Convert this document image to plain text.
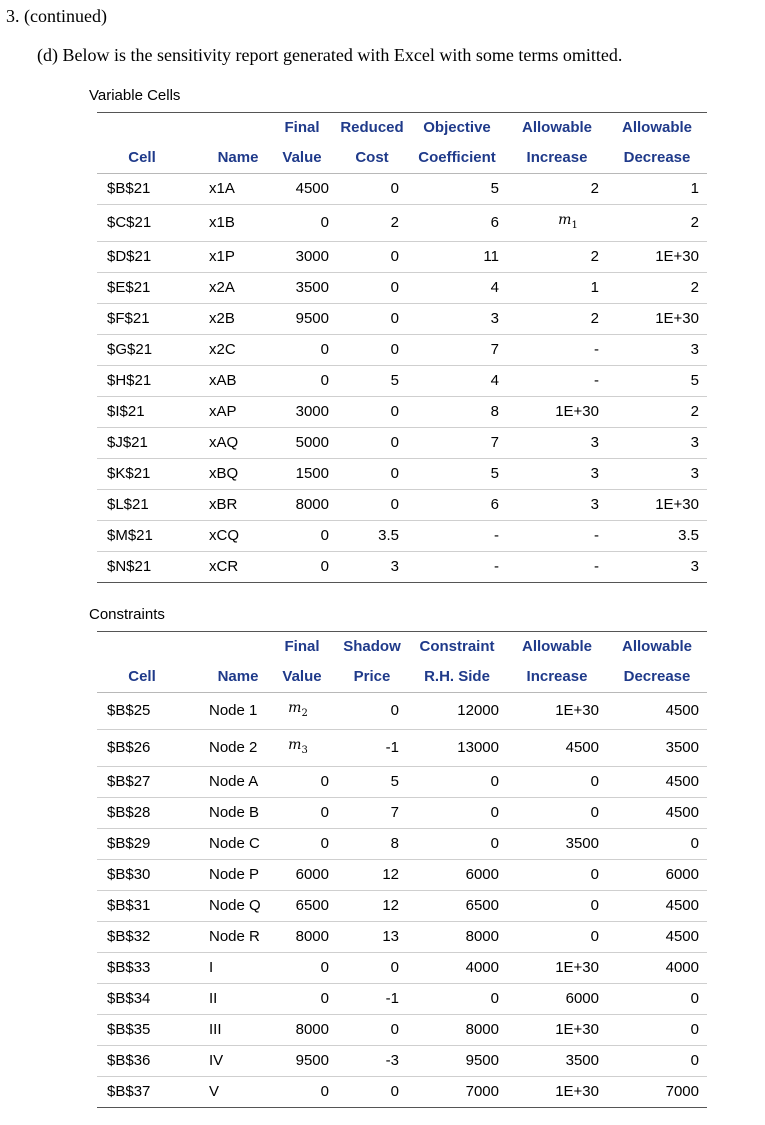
3. (continued)
(d) Below is the sensitivity report generated with Excel with some terms omitted.
Variable Cells
		Final	Reduced	Objective	Allowable	Allowable
Cell	Name	Value	Cost	Coefficient	Increase	Decrease
$B$21	x1A	4500	0	5	2	1
$C$21	x1B	0	2	6	$m_1$	2
$D$21	x1P	3000	0	11	2	1E+30
$E$21	x2A	3500	0	4	1	2
$F$21	x2B	9500	0	3	2	1E+30
$G$21	x2C	0	0	7	-	3
$H$21	xAB	0	5	4	-	5
$I$21	xAP	3000	0	8	1E+30	2
$J$21	xAQ	5000	0	7	3	3
$K$21	xBQ	1500	0	5	3	3
$L$21	xBR	8000	0	6	3	1E+30
$M$21	xCQ	0	3.5	-	-	3.5
$N$21	xCR	0	3	-	-	3
Constraints
		Final	Shadow	Constraint	Allowable	Allowable
Cell	Name	Value	Price	R.H. Side	Increase	Decrease
$B$25	Node 1	$m_2$	0	12000	1E+30	4500
$B$26	Node 2	$m_3$	-1	13000	4500	3500
$B$27	Node A	0	5	0	0	4500
$B$28	Node B	0	7	0	0	4500
$B$29	Node C	0	8	0	3500	0
$B$30	Node P	6000	12	6000	0	6000
$B$31	Node Q	6500	12	6500	0	4500
$B$32	Node R	8000	13	8000	0	4500
$B$33	I	0	0	4000	1E+30	4000
$B$34	II	0	-1	0	6000	0
$B$35	III	8000	0	8000	1E+30	0
$B$36	IV	9500	-3	9500	3500	0
$B$37	V	0	0	7000	1E+30	7000
